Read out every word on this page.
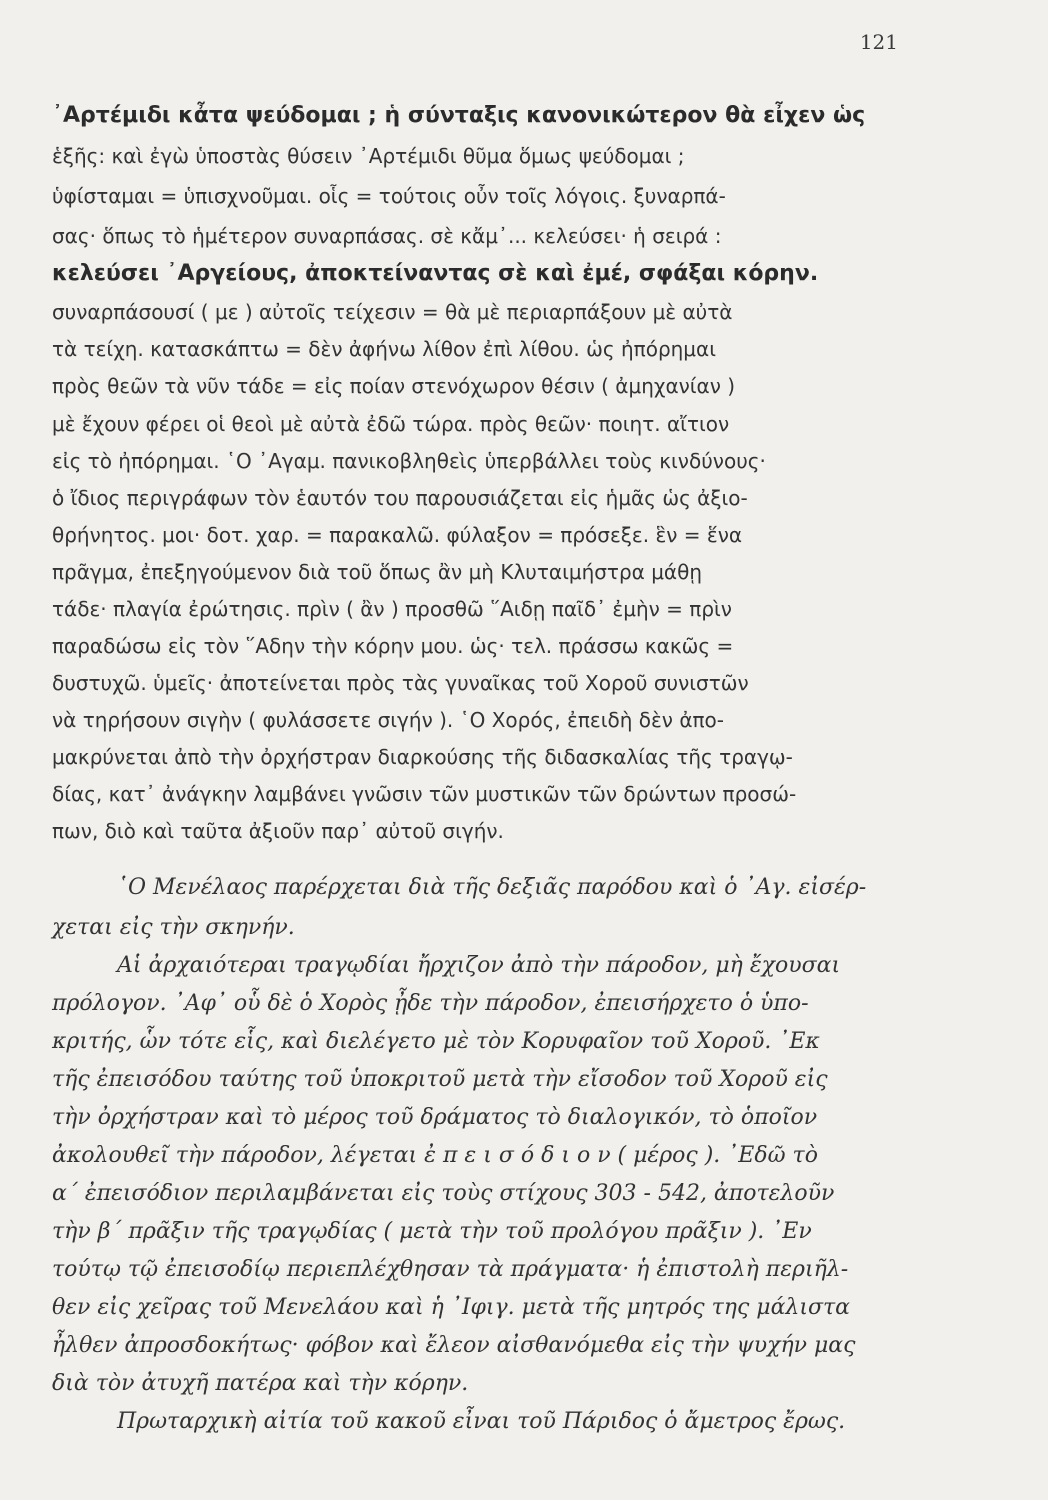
121
᾿Αρτέμιδι κἆτα ψεύδομαι ; ἡ σύνταξις κανονικώτερον θὰ εἶχεν ὡς
ἑξῆς: καὶ ἐγὼ ὑποστὰς θύσειν ᾿Αρτέμιδι θῦμα ὅμως ψεύδομαι ;
ὑφίσταμαι = ὑπισχνοῦμαι. οἷς = τούτοις οὖν τοῖς λόγοις. ξυναρπά-
σας· ὅπως τὸ ἡμέτερον συναρπάσας. σὲ κἄμ᾿... κελεύσει· ἡ σειρά :
κελεύσει ᾿Αργείους, ἀποκτείναντας σὲ καὶ ἐμέ, σφάξαι κόρην.
συναρπάσουσί ( με ) αὐτοῖς τείχεσιν = θὰ μὲ περιαρπάξουν μὲ αὐτὰ
τὰ τείχη. κατασκάπτω = δὲν ἀφήνω λίθον ἐπὶ λίθου. ὡς ἠπόρημαι
πρὸς θεῶν τὰ νῦν τάδε = εἰς ποίαν στενόχωρον θέσιν ( ἀμηχανίαν )
μὲ ἔχουν φέρει οἱ θεοὶ μὲ αὐτὰ ἐδῶ τώρα. πρὸς θεῶν· ποιητ. αἴτιον
εἰς τὸ ἠπόρημαι. ῾Ο ᾿Αγαμ. πανικοβληθεὶς ὑπερβάλλει τοὺς κινδύνους·
ὁ ἴδιος περιγράφων τὸν ἑαυτόν του παρουσιάζεται εἰς ἡμᾶς ὡς ἀξιο-
θρήνητος. μοι· δοτ. χαρ. = παρακαλῶ. φύλαξον = πρόσεξε. ἓν = ἕνα
πρᾶγμα, ἐπεξηγούμενον διὰ τοῦ ὅπως ἂν μὴ Κλυταιμήστρα μάθῃ
τάδε· πλαγία ἐρώτησις. πρὶν ( ἂν ) προσθῶ ῞Αιδῃ παῖδ᾿ ἐμὴν = πρὶν
παραδώσω εἰς τὸν ῞Αδην τὴν κόρην μου. ὡς· τελ. πράσσω κακῶς =
δυστυχῶ. ὑμεῖς· ἀποτείνεται πρὸς τὰς γυναῖκας τοῦ Χοροῦ συνιστῶν
νὰ τηρήσουν σιγὴν ( φυλάσσετε σιγήν ). ῾Ο Χορός, ἐπειδὴ δὲν ἀπο-
μακρύνεται ἀπὸ τὴν ὀρχήστραν διαρκούσης τῆς διδασκαλίας τῆς τραγῳ-
δίας, κατ᾿ ἀνάγκην λαμβάνει γνῶσιν τῶν μυστικῶν τῶν δρώντων προσώ-
πων, διὸ καὶ ταῦτα ἀξιοῦν παρ᾿ αὐτοῦ σιγήν.
῾Ο Μενέλαος παρέρχεται διὰ τῆς δεξιᾶς παρόδου καὶ ὁ ᾿Αγ. εἰσέρ-
χεται εἰς τὴν σκηνήν.
Αἱ ἀρχαιότεραι τραγῳδίαι ἤρχιζον ἀπὸ τὴν πάροδον, μὴ ἔχουσαι
πρόλογον. ᾿Αφ᾿ οὗ δὲ ὁ Χορὸς ᾖδε τὴν πάροδον, ἐπεισήρχετο ὁ ὑπο-
κριτής, ὧν τότε εἷς, καὶ διελέγετο μὲ τὸν Κορυφαῖον τοῦ Χοροῦ. ᾿Εκ
τῆς ἐπεισόδου ταύτης τοῦ ὑποκριτοῦ μετὰ τὴν εἴσοδον τοῦ Χοροῦ εἰς
τὴν ὀρχήστραν καὶ τὸ μέρος τοῦ δράματος τὸ διαλογικόν, τὸ ὁποῖον
ἀκολουθεῖ τὴν πάροδον, λέγεται ἐ π ε ι σ ό δ ι ο ν ( μέρος ). ᾿Εδῶ τὸ
α΄ ἐπεισόδιον περιλαμβάνεται εἰς τοὺς στίχους 303 - 542, ἀποτελοῦν
τὴν β΄ πρᾶξιν τῆς τραγῳδίας ( μετὰ τὴν τοῦ προλόγου πρᾶξιν ). ᾿Εν
τούτῳ τῷ ἐπεισοδίῳ περιεπλέχθησαν τὰ πράγματα· ἡ ἐπιστολὴ περιῆλ-
θεν εἰς χεῖρας τοῦ Μενελάου καὶ ἡ ᾿Ιφιγ. μετὰ τῆς μητρός της μάλιστα
ἦλθεν ἀπροσδοκήτως· φόβον καὶ ἔλεον αἰσθανόμεθα εἰς τὴν ψυχήν μας
διὰ τὸν ἀτυχῆ πατέρα καὶ τὴν κόρην.
Πρωταρχικὴ αἰτία τοῦ κακοῦ εἶναι τοῦ Πάριδος ὁ ἄμετρος ἔρως.
